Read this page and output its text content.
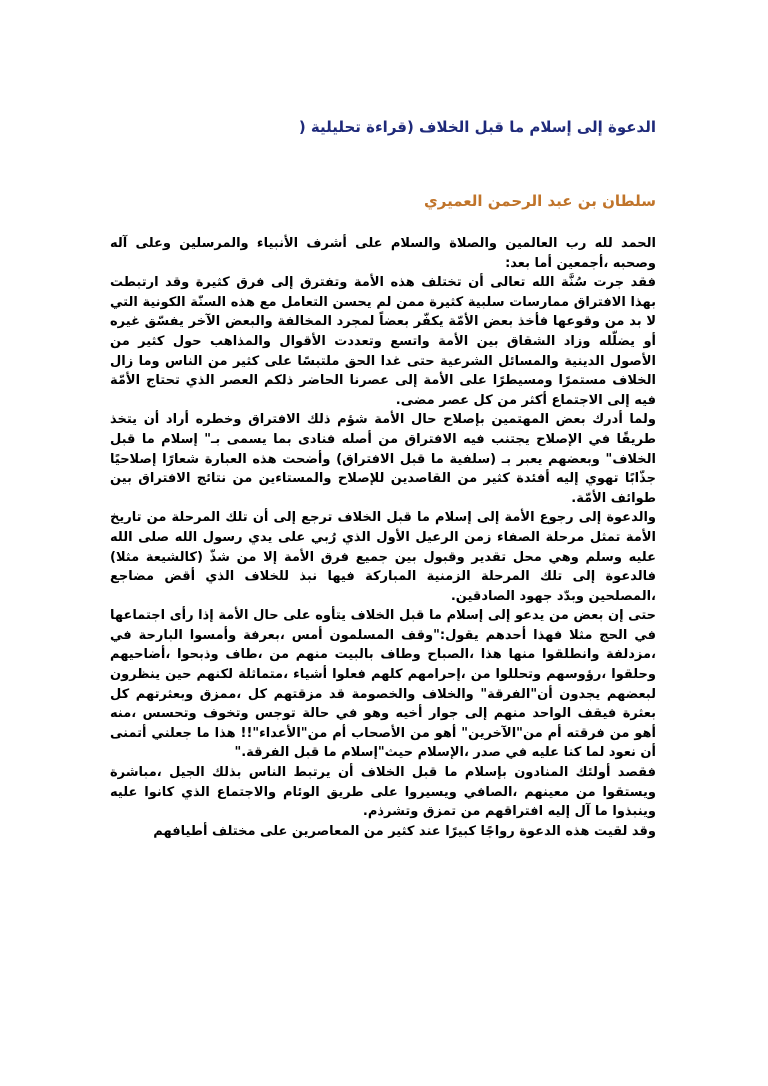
الدعوة إلى إسلام ما قبل الخلاف (قراءة تحليلية (
سلطان بن عبد الرحمن العميري

الحمد لله رب العالمين والصلاة والسلام على أشرف الأنبياء والمرسلين وعلى آله وصحبه ،أجمعين أما بعد:

فقد جرت سُنَّة الله تعالى أن تختلف هذه الأمة وتفترق إلى فرق كثيرة وقد ارتبطت بهذا الافتراق ممارسات سلبية كثيرة ممن لم يحسن التعامل مع هذه السنّة الكونية التي لا بد من وقوعها فأخذ بعض الأمّة يكفّر بعضاً لمجرد المخالفة والبعض الآخر يفسّق غيره أو يضلّله وزاد الشقاق بين الأمة واتسع وتعددت الأقوال والمذاهب حول كثير من الأصول الدينية والمسائل الشرعية حتى غدا الحق ملتبسًا على كثير من الناس وما زال الخلاف مستمرًا ومسيطرًا على الأمة إلى عصرنا الحاضر ذلكم العصر الذي تحتاج الأمّة فيه إلى الاجتماع أكثر من كل عصر مضى.

ولما أدرك بعض المهتمين بإصلاح حال الأمة شؤم ذلك الافتراق وخطره أراد أن يتخذ طريقًا في الإصلاح يجتنب فيه الافتراق من أصله فنادى بما يسمى بـ" إسلام ما قبل الخلاف" وبعضهم يعبر بـ (سلفية ما قبل الافتراق) وأضحت هذه العبارة شعارًا إصلاحيًا جذّابًا تهوي إليه أفئدة كثير من القاصدين للإصلاح والمستاءين من نتائج الافتراق بين طوائف الأمّة.

والدعوة إلى رجوع الأمة إلى إسلام ما قبل الخلاف ترجع إلى أن تلك المرحلة من تاريخ الأمة تمثل مرحلة الصفاء زمن الرعيل الأول الذي رُبي على يدي رسول الله صلى الله عليه وسلم وهي محل تقدير وقبول بين جميع فرق الأمة إلا من شذّ (كالشيعة مثلا) فالدعوة إلى تلك المرحلة الزمنية المباركة فيها نبذ للخلاف الذي أقض مضاجع ،المصلحين وبدّد جهود الصادقين.

حتى إن بعض من يدعو إلى إسلام ما قبل الخلاف يتأوه على حال الأمة إذا رأى اجتماعها في الحج مثلا فهذا أحدهم يقول:"وقف المسلمون أمس ،بعرفة وأمسوا البارحة في ،مزدلفة وانطلقوا منها هذا ،الصباح وطاف بالبيت منهم من ،طاف وذبحوا ،أضاحيهم وحلقوا ،رؤوسهم وتحللوا من ،إحرامهم كلهم فعلوا أشياء ،متماثلة لكنهم حين ينظرون لبعضهم يجدون أن"الفرقة" والخلاف والخصومة قد مزقتهم كل ،ممزق وبعثرتهم كل بعثرة فيقف الواحد منهم إلى جوار أخيه وهو في حالة توجس وتخوف وتحسس ،منه أهو من فرقته أم من"الآخرين" أهو من الأصحاب أم من"الأعداء"!! هذا ما جعلني أتمنى أن نعود لما كنا عليه في صدر ،الإسلام حيث"إسلام ما قبل الفرقة."

فقصد أولئك المنادون بإسلام ما قبل الخلاف أن يرتبط الناس بذلك الجيل ،مباشرة ويستقوا من معينهم ،الصافي ويسيروا على طريق الوئام والاجتماع الذي كانوا عليه وينبذوا ما آل إليه افتراقهم من تمزق وتشرذم.

وقد لقيت هذه الدعوة رواجًا كبيرًا عند كثير من المعاصرين على مختلف أطيافهم
